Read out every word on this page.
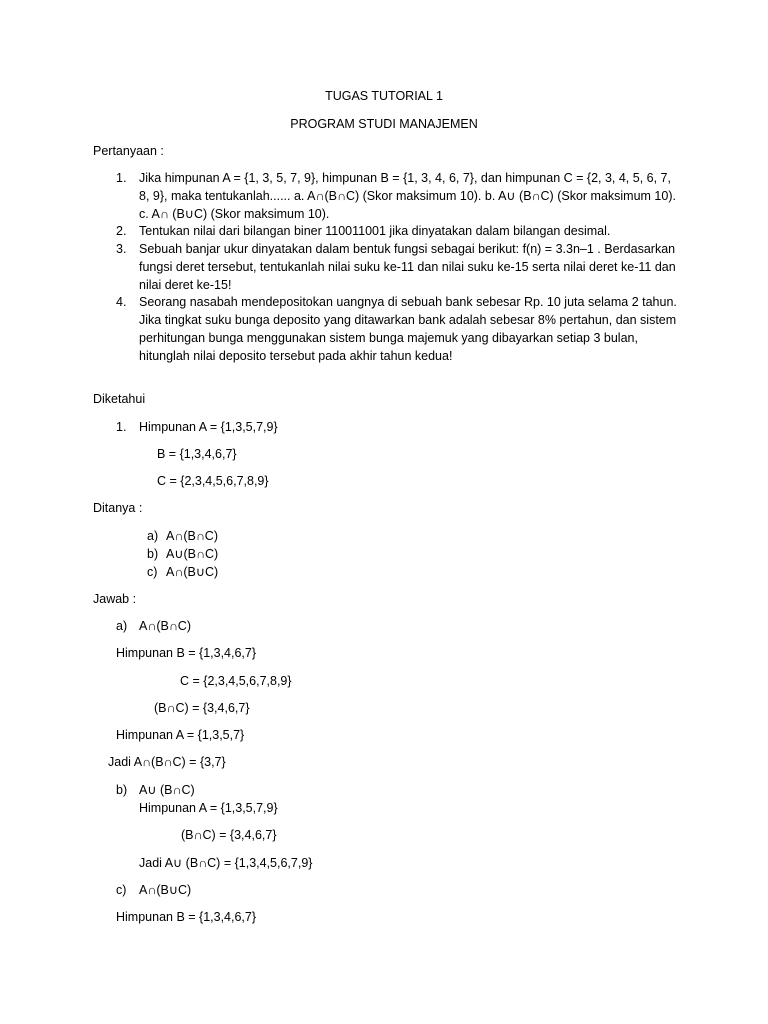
TUGAS TUTORIAL 1
PROGRAM STUDI MANAJEMEN
Pertanyaan :
1. Jika himpunan A = {1, 3, 5, 7, 9}, himpunan B = {1, 3, 4, 6, 7}, dan himpunan C = {2, 3, 4, 5, 6, 7, 8, 9}, maka tentukanlah...... a. A∩(B∩C) (Skor maksimum 10). b. A∪ (B∩C) (Skor maksimum 10). c. A∩ (B∪C) (Skor maksimum 10).
2. Tentukan nilai dari bilangan biner 110011001 jika dinyatakan dalam bilangan desimal.
3. Sebuah banjar ukur dinyatakan dalam bentuk fungsi sebagai berikut: f(n) = 3.3n–1 . Berdasarkan fungsi deret tersebut, tentukanlah nilai suku ke-11 dan nilai suku ke-15 serta nilai deret ke-11 dan nilai deret ke-15!
4. Seorang nasabah mendepositokan uangnya di sebuah bank sebesar Rp. 10 juta selama 2 tahun. Jika tingkat suku bunga deposito yang ditawarkan bank adalah sebesar 8% pertahun, dan sistem perhitungan bunga menggunakan sistem bunga majemuk yang dibayarkan setiap 3 bulan, hitunglah nilai deposito tersebut pada akhir tahun kedua!
Diketahui
1. Himpunan A = {1,3,5,7,9}
B = {1,3,4,6,7}
C = {2,3,4,5,6,7,8,9}
Ditanya :
a) A∩(B∩C)
b) A∪(B∩C)
c) A∩(B∪C)
Jawab :
a) A∩(B∩C)
Himpunan B = {1,3,4,6,7}
C = {2,3,4,5,6,7,8,9}
(B∩C) = {3,4,6,7}
Himpunan A = {1,3,5,7}
Jadi A∩(B∩C) = {3,7}
b) A∪ (B∩C)
Himpunan A = {1,3,5,7,9}
(B∩C) = {3,4,6,7}
Jadi A∪ (B∩C) = {1,3,4,5,6,7,9}
c) A∩(B∪C)
Himpunan B = {1,3,4,6,7}
